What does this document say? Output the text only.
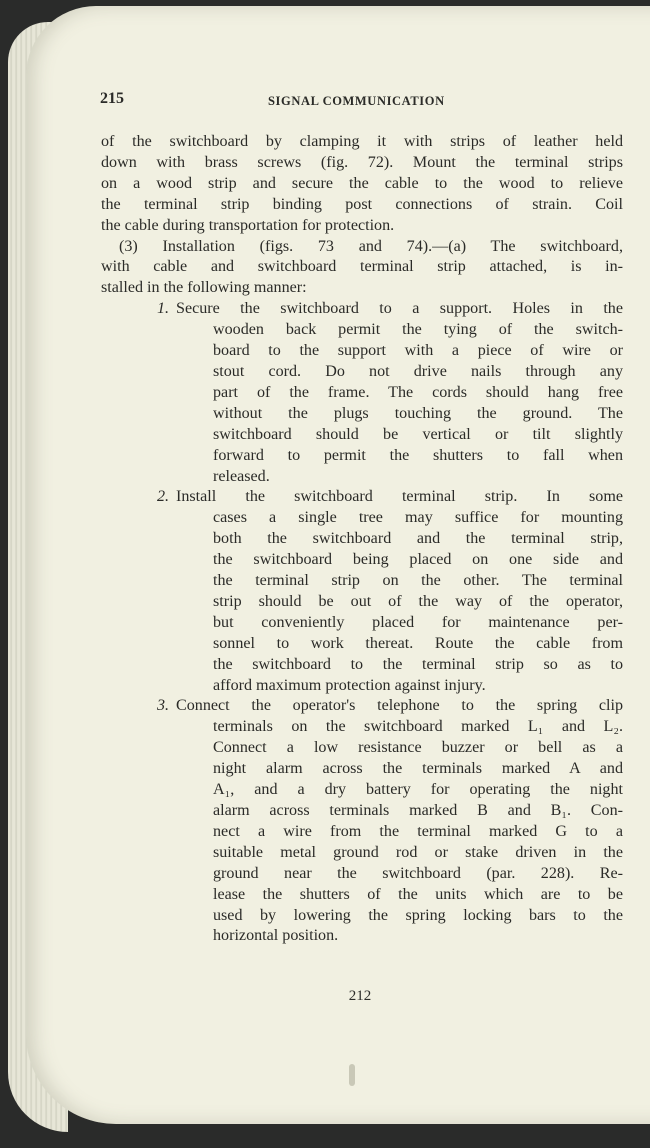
215	SIGNAL COMMUNICATION
of the switchboard by clamping it with strips of leather held
down with brass screws (fig. 72). Mount the terminal strips
on a wood strip and secure the cable to the wood to relieve
the terminal strip binding post connections of strain. Coil
the cable during transportation for protection.
(3) Installation (figs. 73 and 74).—(a) The switchboard,
with cable and switchboard terminal strip attached, is in-
stalled in the following manner:
1. Secure the switchboard to a support. Holes in the
wooden back permit the tying of the switch-
board to the support with a piece of wire or
stout cord. Do not drive nails through any
part of the frame. The cords should hang free
without the plugs touching the ground. The
switchboard should be vertical or tilt slightly
forward to permit the shutters to fall when
released.
2. Install the switchboard terminal strip. In some
cases a single tree may suffice for mounting
both the switchboard and the terminal strip,
the switchboard being placed on one side and
the terminal strip on the other. The terminal
strip should be out of the way of the operator,
but conveniently placed for maintenance per-
sonnel to work thereat. Route the cable from
the switchboard to the terminal strip so as to
afford maximum protection against injury.
3. Connect the operator's telephone to the spring clip
terminals on the switchboard marked L₁ and L₂.
Connect a low resistance buzzer or bell as a
night alarm across the terminals marked A and
A₁, and a dry battery for operating the night
alarm across terminals marked B and B₁. Con-
nect a wire from the terminal marked G to a
suitable metal ground rod or stake driven in the
ground near the switchboard (par. 228). Re-
lease the shutters of the units which are to be
used by lowering the spring locking bars to the
horizontal position.
212
